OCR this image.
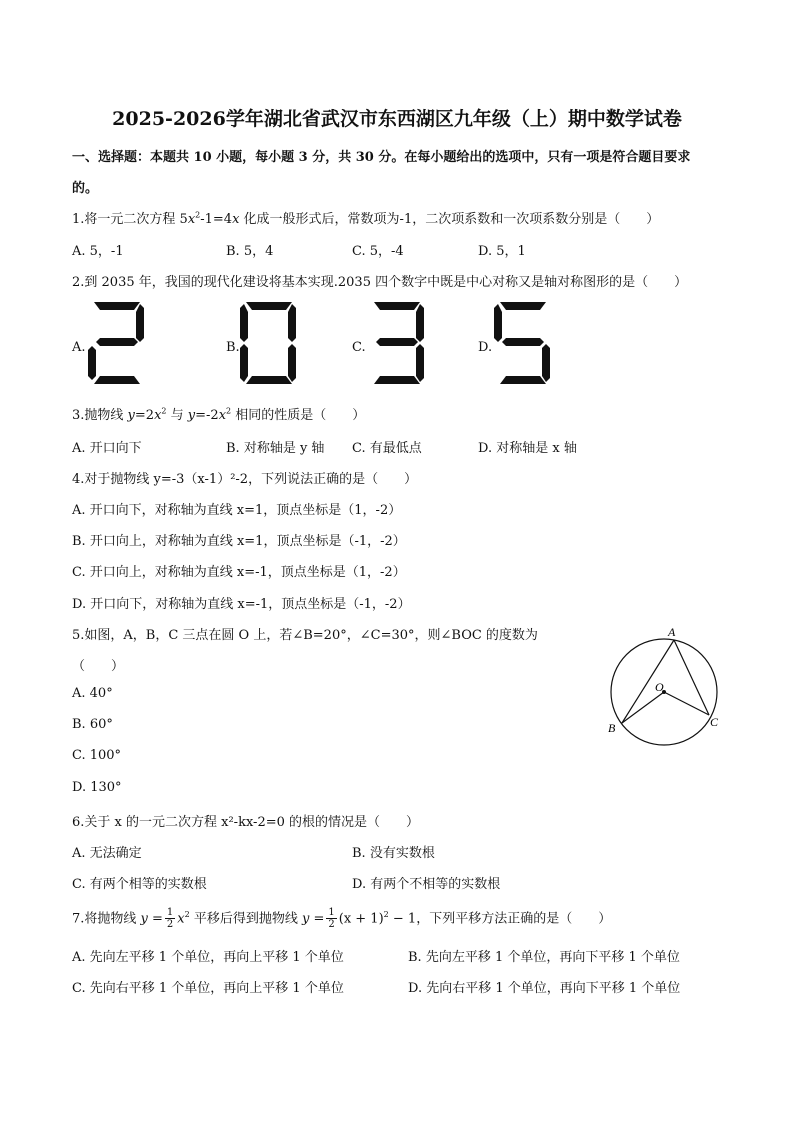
2025-2026学年湖北省武汉市东西湖区九年级（上）期中数学试卷
一、选择题：本题共 10 小题，每小题 3 分，共 30 分。在每小题给出的选项中，只有一项是符合题目要求
的。
1.将一元二次方程 $5x^2-1=4x$ 化成一般形式后，常数项为-1，二次项系数和一次项系数分别是（　　）
A. 5，-1	B. 5，4	C. 5，-4	D. 5，1
2.到 2035 年，我国的现代化建设将基本实现.2035 四个数字中既是中心对称又是轴对称图形的是（　　）
A.	B.	C.	D.
3.抛物线 $y=2x^2$ 与 $y=-2x^2$ 相同的性质是（　　）
A. 开口向下	B. 对称轴是 y 轴 C. 有最低点	D. 对称轴是 x 轴
4.对于抛物线 y=-3（x-1）²-2，下列说法正确的是（　　）
A. 开口向下，对称轴为直线 x=1，顶点坐标是（1，-2）
B. 开口向上，对称轴为直线 x=1，顶点坐标是（-1，-2）
C. 开口向上，对称轴为直线 x=-1，顶点坐标是（1，-2）
D. 开口向下，对称轴为直线 x=-1，顶点坐标是（-1，-2）
5.如图，A，B，C 三点在圆 O 上，若∠B=20°，∠C=30°，则∠BOC 的度数为
（　　）
A. 40°
B. 60°
C. 100°
D. 130°
A
B	C
O
6.关于 x 的一元二次方程 x²-kx-2=0 的根的情况是（　　）
A. 无法确定	B. 没有实数根
C. 有两个相等的实数根	D. 有两个不相等的实数根
7.将抛物线 $y = \frac{1}{2} x^2$ 平移后得到抛物线 $y = \frac{1}{2} (x + 1)^2 - 1$，下列平移方法正确的是（　　）
A. 先向左平移 1 个单位，再向上平移 1 个单位	B. 先向左平移 1 个单位，再向下平移 1 个单位
C. 先向右平移 1 个单位，再向上平移 1 个单位	D. 先向右平移 1 个单位，再向下平移 1 个单位
